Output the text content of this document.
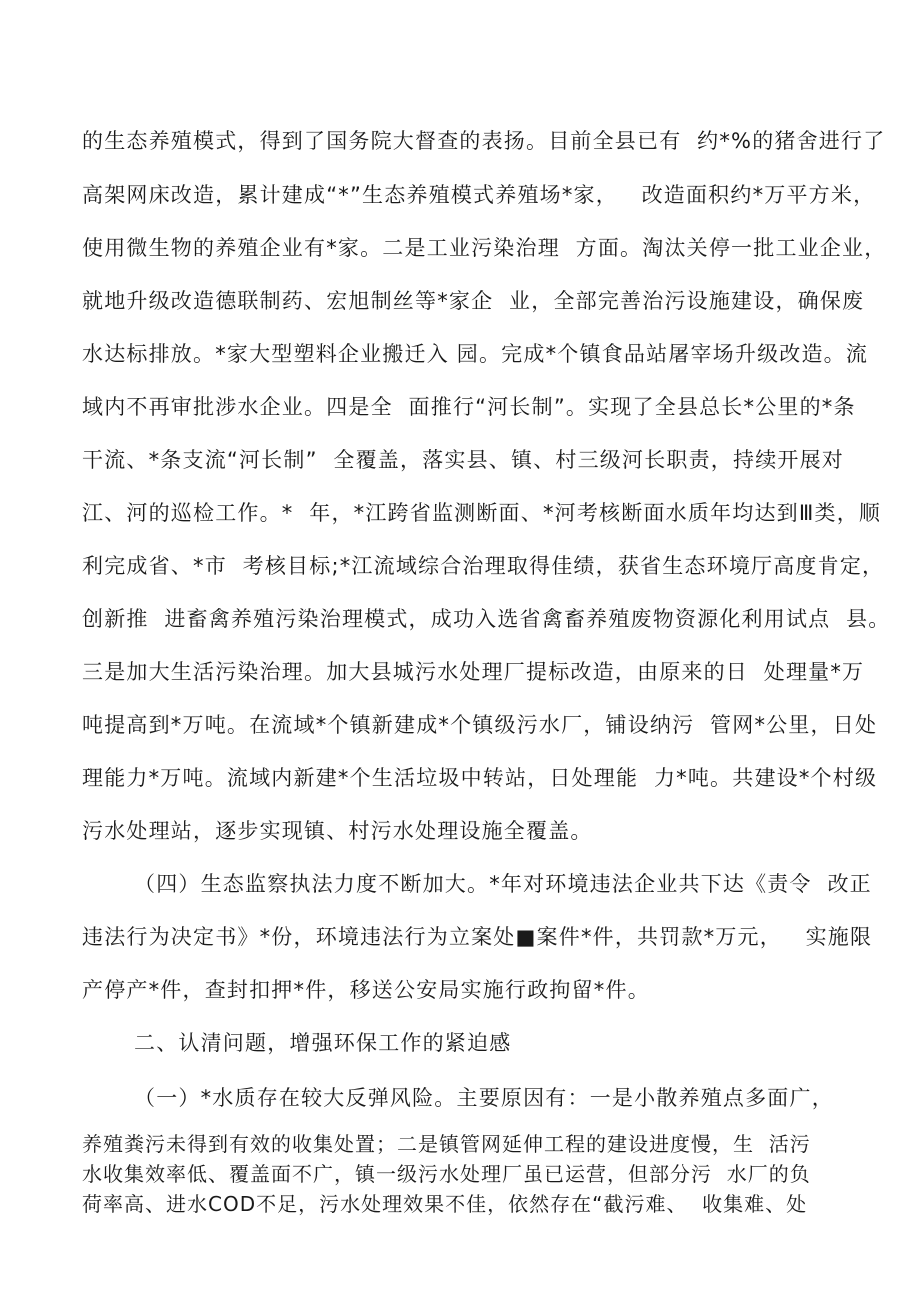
的生态养殖模式，得到了国务院大督查的表扬。目前全县已有  约*%的猪舍进行了

高架网床改造，累计建成“*”生态养殖模式养殖场*家，   改造面积约*万平方米，

使用微生物的养殖企业有*家。二是工业污染治理  方面。淘汰关停一批工业企业，

就地升级改造德联制药、宏旭制丝等*家企  业，全部完善治污设施建设，确保废

水达标排放。*家大型塑料企业搬迁入 园。完成*个镇食品站屠宰场升级改造。流

域内不再审批涉水企业。四是全  面推行“河长制”。实现了全县总长*公里的*条

干流、*条支流“河长制”  全覆盖，落实县、镇、村三级河长职责，持续开展对

江、河的巡检工作。*  年，*江跨省监测断面、*河考核断面水质年均达到Ⅲ类，顺

利完成省、*市  考核目标;*江流域综合治理取得佳绩，获省生态环境厅高度肯定，

创新推  进畜禽养殖污染治理模式，成功入选省禽畜养殖废物资源化利用试点  县。

三是加大生活污染治理。加大县城污水处理厂提标改造，由原来的日  处理量*万

吨提高到*万吨。在流域*个镇新建成*个镇级污水厂，铺设纳污  管网*公里，日处

理能力*万吨。流域内新建*个生活垃圾中转站，日处理能  力*吨。共建设*个村级

污水处理站，逐步实现镇、村污水处理设施全覆盖。

（四）生态监察执法力度不断加大。*年对环境违法企业共下达《责令  改正

违法行为决定书》*份，环境违法行为立案处■案件*件，共罚款*万元，   实施限

产停产*件，查封扣押*件，移送公安局实施行政拘留*件。

二、认清问题，增强环保工作的紧迫感

（一）*水质存在较大反弹风险。主要原因有：一是小散养殖点多面广，

养殖粪污未得到有效的收集处置；二是镇管网延伸工程的建设进度慢，生  活污

水收集效率低、覆盖面不广，镇一级污水处理厂虽已运营，但部分污  水厂的负

荷率高、进水COD不足，污水处理效果不佳，依然存在“截污难、  收集难、处
